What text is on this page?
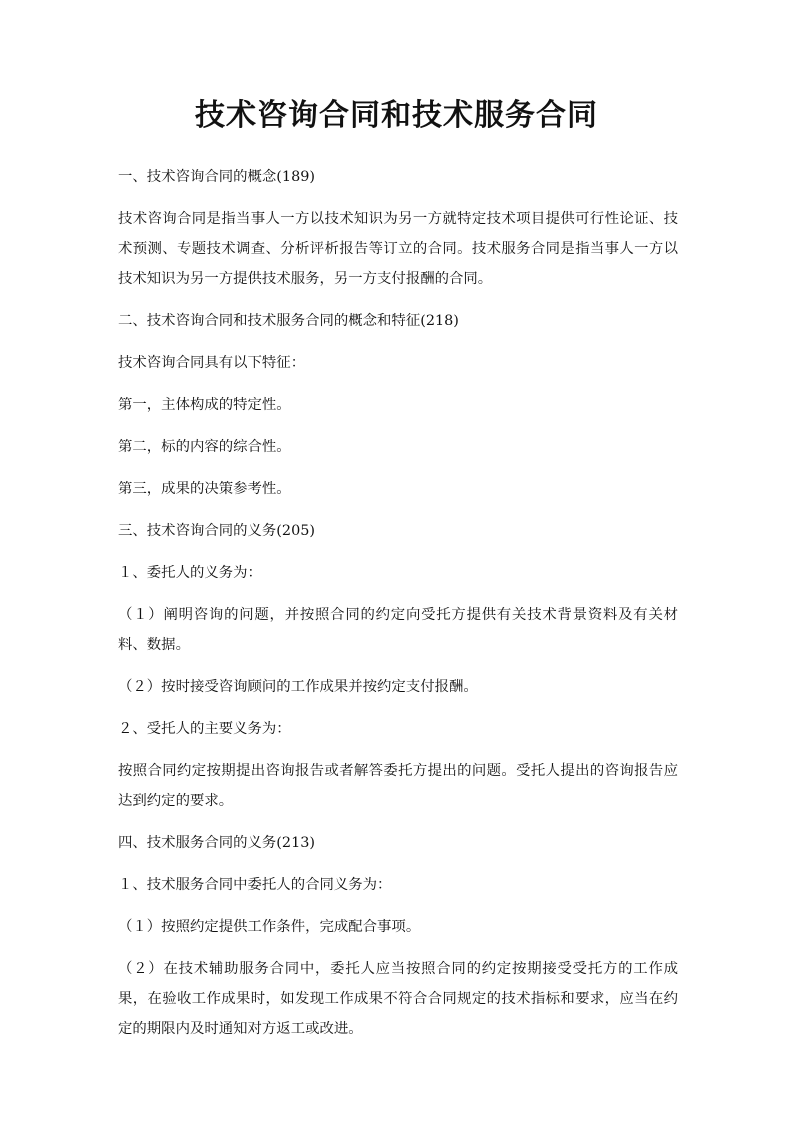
技术咨询合同和技术服务合同

一、技术咨询合同的概念(189)

技术咨询合同是指当事人一方以技术知识为另一方就特定技术项目提供可行性论证、技术预测、专题技术调查、分析评析报告等订立的合同。技术服务合同是指当事人一方以技术知识为另一方提供技术服务，另一方支付报酬的合同。

二、技术咨询合同和技术服务合同的概念和特征(218)

技术咨询合同具有以下特征：

第一，主体构成的特定性。

第二，标的内容的综合性。

第三，成果的决策参考性。

三、技术咨询合同的义务(205)

１、委托人的义务为：

（１）阐明咨询的问题，并按照合同的约定向受托方提供有关技术背景资料及有关材料、数据。

（２）按时接受咨询顾问的工作成果并按约定支付报酬。

２、受托人的主要义务为：

按照合同约定按期提出咨询报告或者解答委托方提出的问题。受托人提出的咨询报告应达到约定的要求。

四、技术服务合同的义务(213)

１、技术服务合同中委托人的合同义务为：

（１）按照约定提供工作条件，完成配合事项。

（２）在技术辅助服务合同中，委托人应当按照合同的约定按期接受受托方的工作成果，在验收工作成果时，如发现工作成果不符合合同规定的技术指标和要求，应当在约定的期限内及时通知对方返工或改进。
